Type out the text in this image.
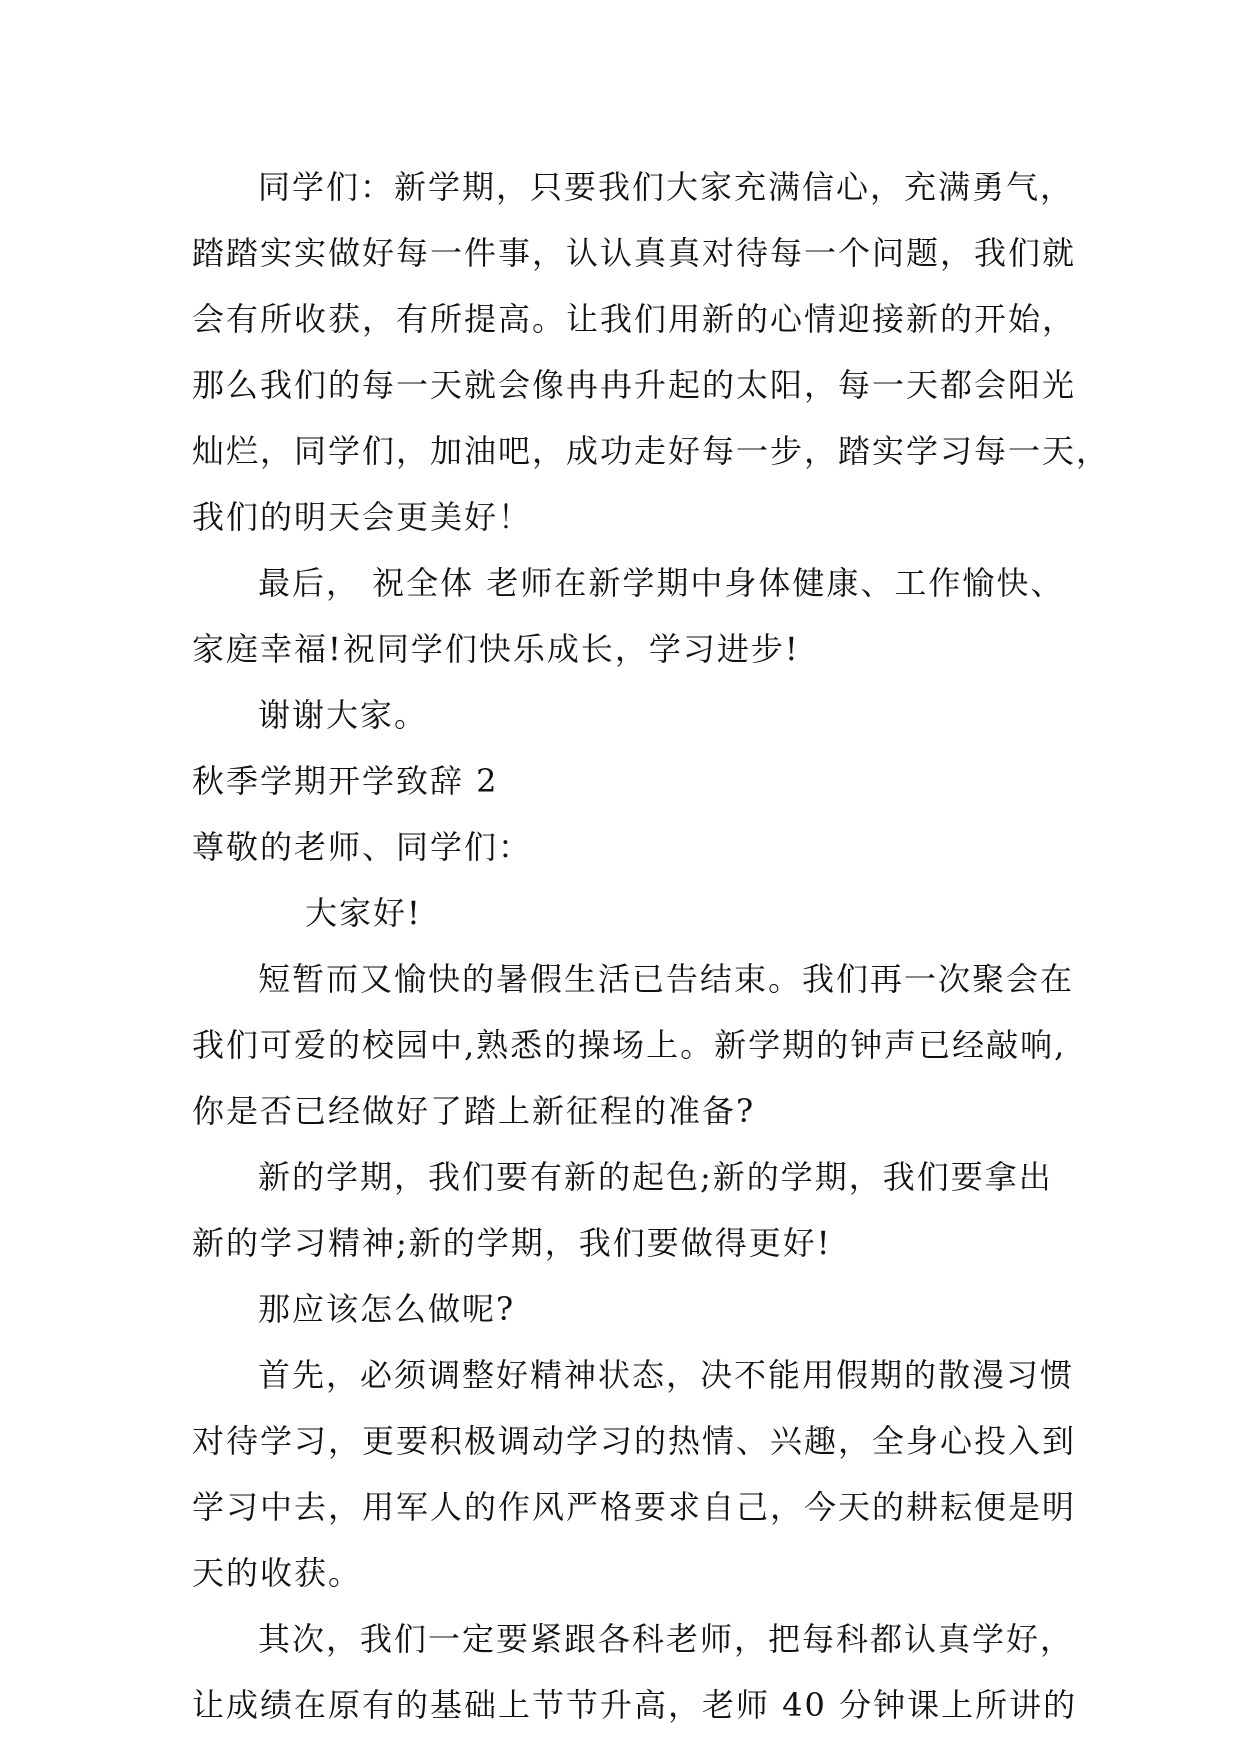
同学们：新学期，只要我们大家充满信心，充满勇气，
踏踏实实做好每一件事，认认真真对待每一个问题，我们就
会有所收获，有所提高。让我们用新的心情迎接新的开始，
那么我们的每一天就会像冉冉升起的太阳，每一天都会阳光
灿烂，同学们，加油吧，成功走好每一步，踏实学习每一天，
我们的明天会更美好！
最后， 祝全体 老师在新学期中身体健康、工作愉快、
家庭幸福!祝同学们快乐成长，学习进步!
谢谢大家。
秋季学期开学致辞 2
尊敬的老师、同学们：
大家好!
短暂而又愉快的暑假生活已告结束。我们再一次聚会在
我们可爱的校园中,熟悉的操场上。新学期的钟声已经敲响,
你是否已经做好了踏上新征程的准备?
新的学期，我们要有新的起色;新的学期，我们要拿出
新的学习精神;新的学期，我们要做得更好!
那应该怎么做呢?
首先，必须调整好精神状态，决不能用假期的散漫习惯
对待学习，更要积极调动学习的热情、兴趣，全身心投入到
学习中去，用军人的作风严格要求自己，今天的耕耘便是明
天的收获。
其次，我们一定要紧跟各科老师，把每科都认真学好，
让成绩在原有的基础上节节升高，老师 40 分钟课上所讲的
